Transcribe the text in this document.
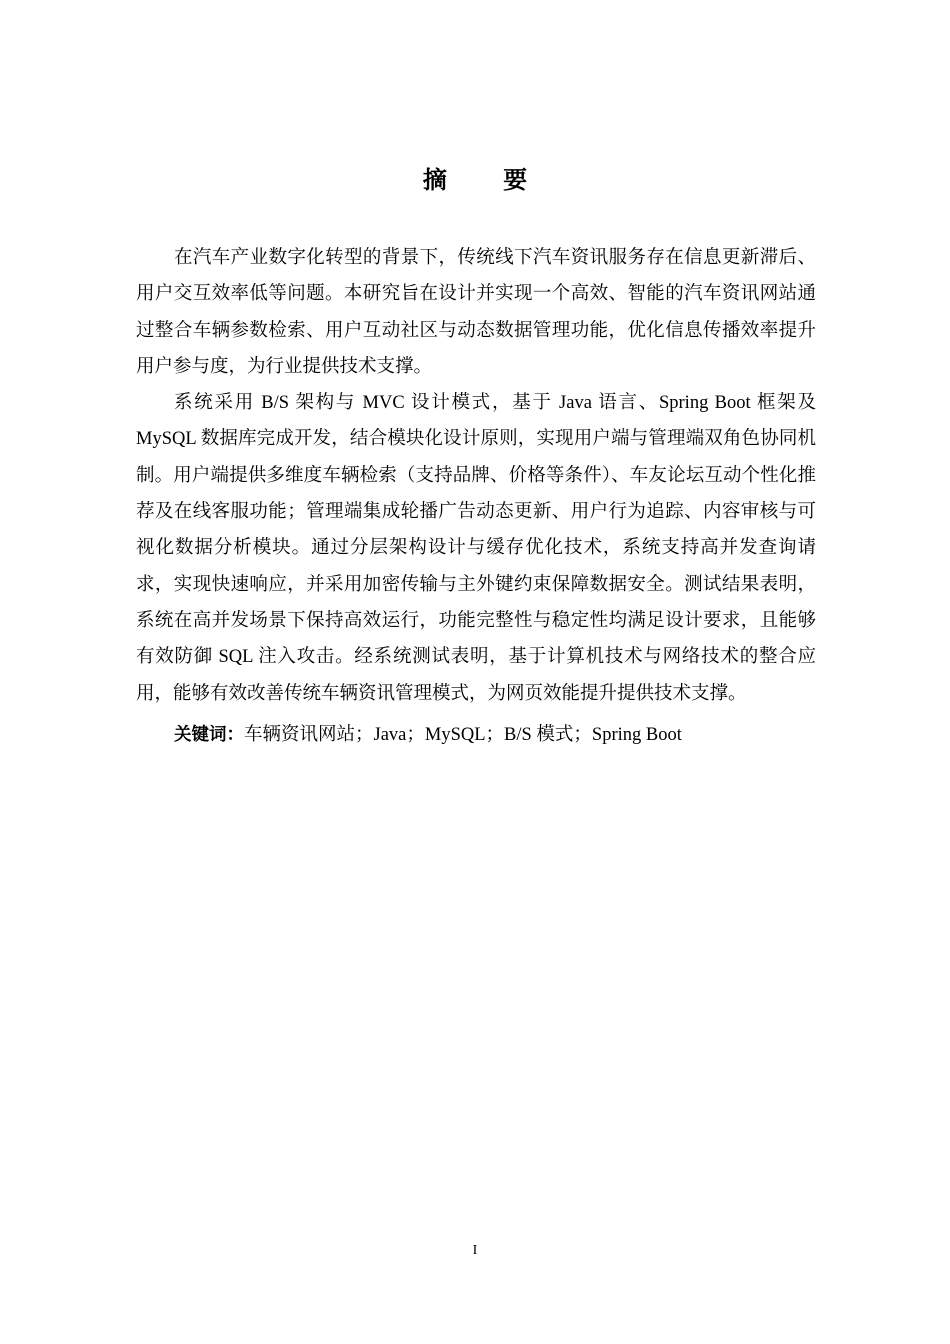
摘 要

在汽车产业数字化转型的背景下，传统线下汽车资讯服务存在信息更新滞后、用户交互效率低等问题。本研究旨在设计并实现一个高效、智能的汽车资讯网站通过整合车辆参数检索、用户互动社区与动态数据管理功能，优化信息传播效率提升用户参与度，为行业提供技术支撑。

系统采用 B/S 架构与 MVC 设计模式，基于 Java 语言、Spring Boot 框架及 MySQL 数据库完成开发，结合模块化设计原则，实现用户端与管理端双角色协同机制。用户端提供多维度车辆检索（支持品牌、价格等条件）、车友论坛互动个性化推荐及在线客服功能；管理端集成轮播广告动态更新、用户行为追踪、内容审核与可视化数据分析模块。通过分层架构设计与缓存优化技术，系统支持高并发查询请求，实现快速响应，并采用加密传输与主外键约束保障数据安全。测试结果表明，系统在高并发场景下保持高效运行，功能完整性与稳定性均满足设计要求，且能够有效防御 SQL 注入攻击。经系统测试表明，基于计算机技术与网络技术的整合应用，能够有效改善传统车辆资讯管理模式，为网页效能提升提供技术支撑。

关键词：车辆资讯网站；Java；MySQL；B/S 模式；Spring Boot

I
